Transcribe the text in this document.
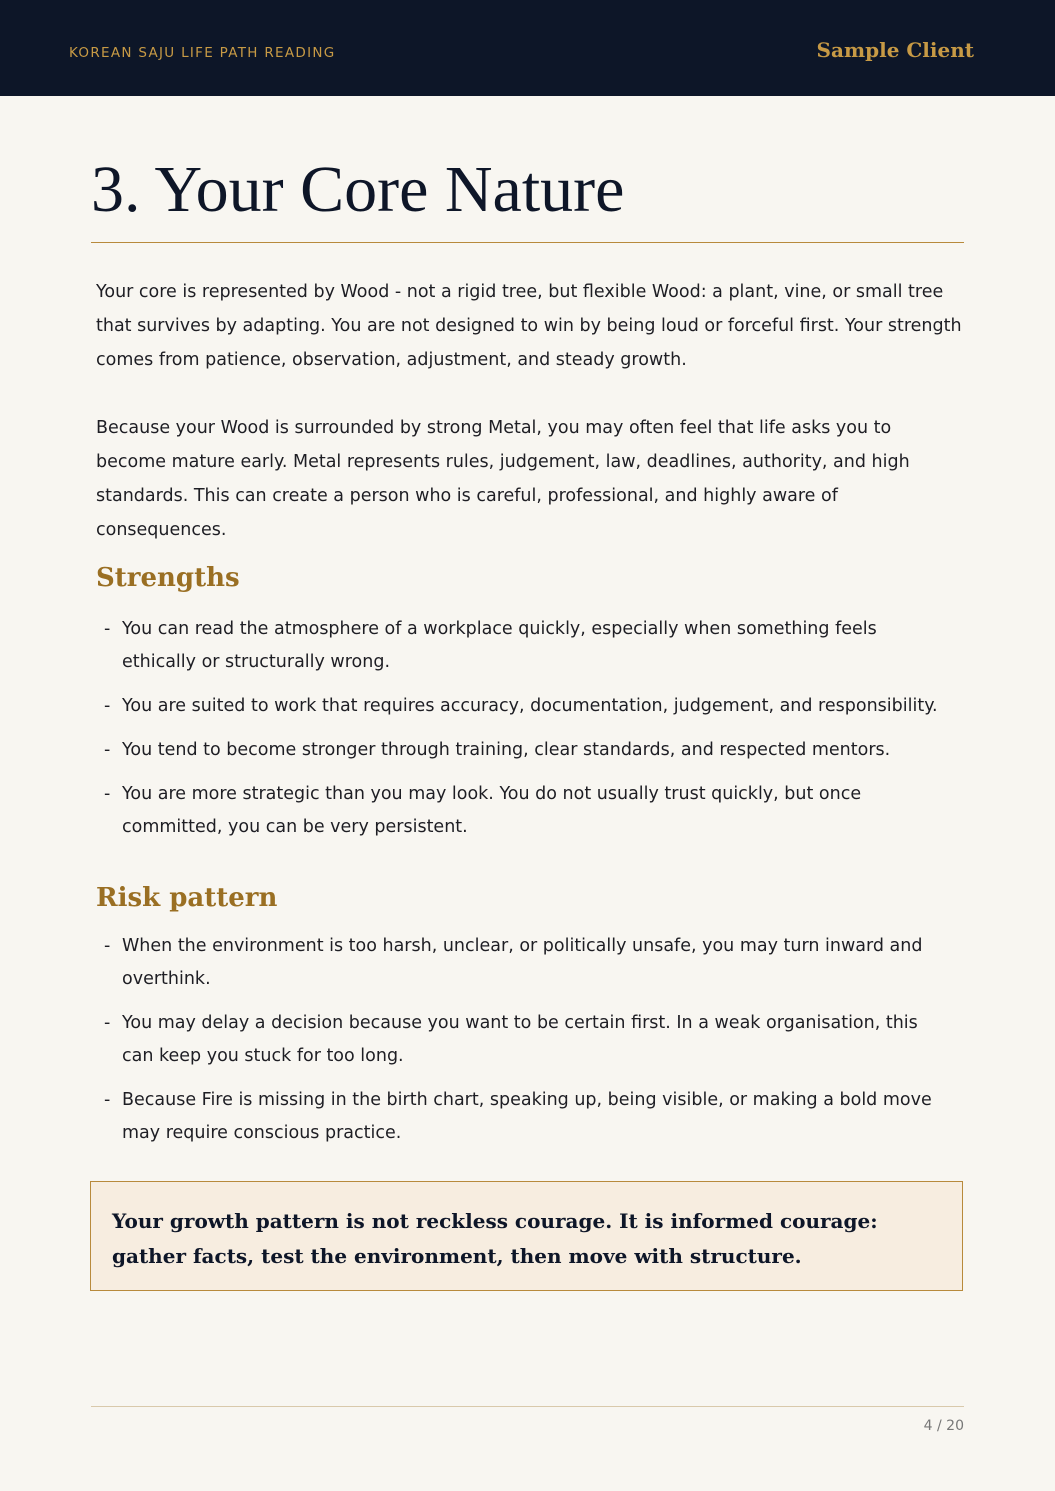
KOREAN SAJU LIFE PATH READING	Sample Client
3. Your Core Nature

Your core is represented by Wood - not a rigid tree, but flexible Wood: a plant, vine, or small tree that survives by adapting. You are not designed to win by being loud or forceful first. Your strength comes from patience, observation, adjustment, and steady growth.

Because your Wood is surrounded by strong Metal, you may often feel that life asks you to become mature early. Metal represents rules, judgement, law, deadlines, authority, and high standards. This can create a person who is careful, professional, and highly aware of consequences.

Strengths
- You can read the atmosphere of a workplace quickly, especially when something feels ethically or structurally wrong.
- You are suited to work that requires accuracy, documentation, judgement, and responsibility.
- You tend to become stronger through training, clear standards, and respected mentors.
- You are more strategic than you may look. You do not usually trust quickly, but once committed, you can be very persistent.
Risk pattern
- When the environment is too harsh, unclear, or politically unsafe, you may turn inward and overthink.
- You may delay a decision because you want to be certain first. In a weak organisation, this can keep you stuck for too long.
- Because Fire is missing in the birth chart, speaking up, being visible, or making a bold move may require conscious practice.

Your growth pattern is not reckless courage. It is informed courage: gather facts, test the environment, then move with structure.

4 / 20
